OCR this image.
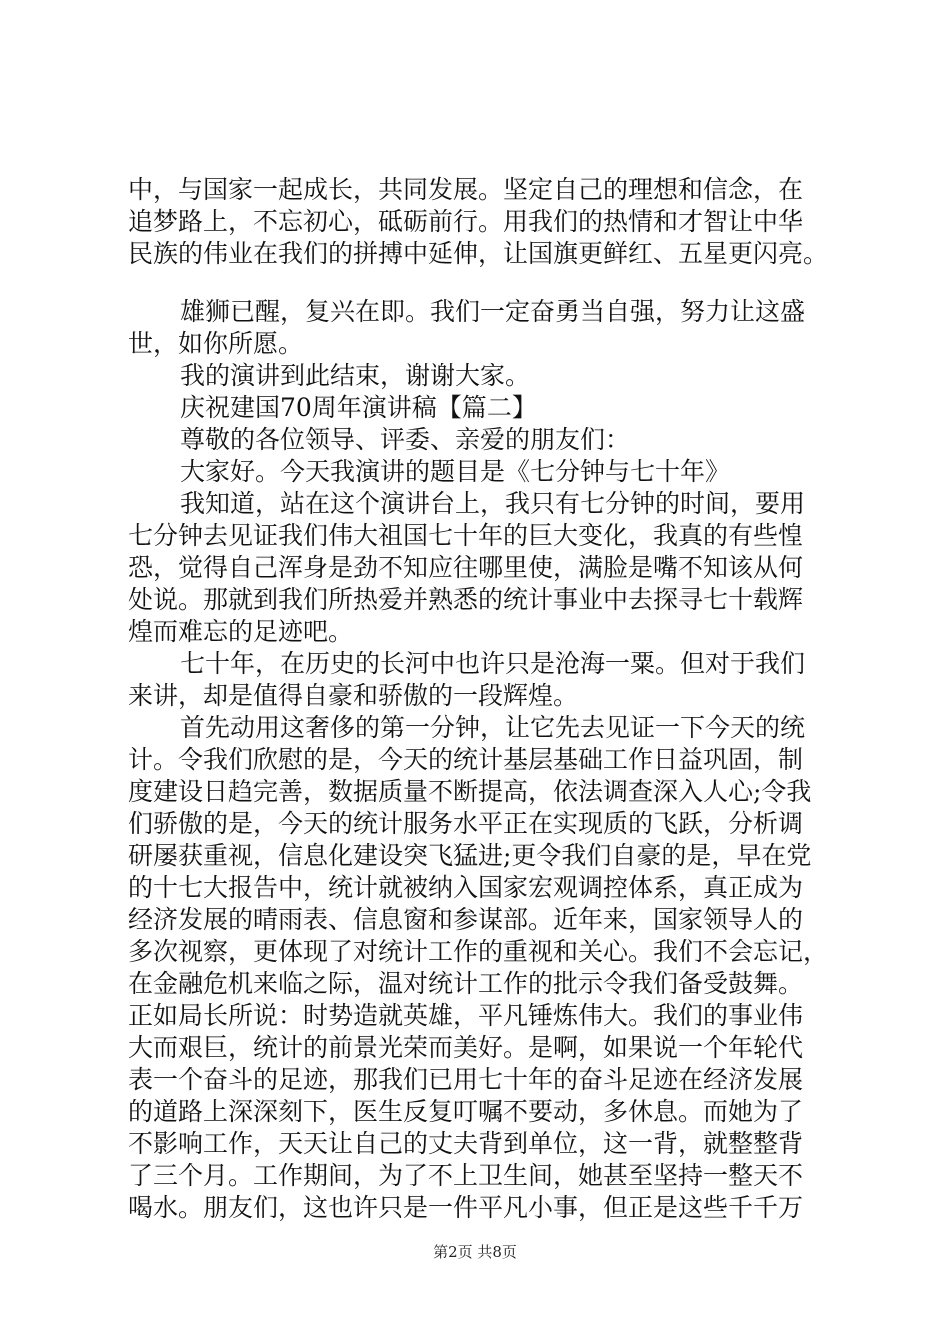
中，与国家一起成长，共同发展。坚定自己的理想和信念，在

追梦路上，不忘初心，砥砺前行。用我们的热情和才智让中华

民族的伟业在我们的拼搏中延伸，让国旗更鲜红、五星更闪亮。

雄狮已醒，复兴在即。我们一定奋勇当自强，努力让这盛

世，如你所愿。

我的演讲到此结束，谢谢大家。

庆祝建国70周年演讲稿【篇二】

尊敬的各位领导、评委、亲爱的朋友们：

大家好。今天我演讲的题目是《七分钟与七十年》

我知道，站在这个演讲台上，我只有七分钟的时间，要用

七分钟去见证我们伟大祖国七十年的巨大变化，我真的有些惶

恐，觉得自己浑身是劲不知应往哪里使，满脸是嘴不知该从何

处说。那就到我们所热爱并熟悉的统计事业中去探寻七十载辉

煌而难忘的足迹吧。

七十年，在历史的长河中也许只是沧海一粟。但对于我们

来讲，却是值得自豪和骄傲的一段辉煌。

首先动用这奢侈的第一分钟，让它先去见证一下今天的统

计。令我们欣慰的是，今天的统计基层基础工作日益巩固，制

度建设日趋完善，数据质量不断提高，依法调查深入人心;令我

们骄傲的是，今天的统计服务水平正在实现质的飞跃，分析调

研屡获重视，信息化建设突飞猛进;更令我们自豪的是，早在党

的十七大报告中，统计就被纳入国家宏观调控体系，真正成为

经济发展的晴雨表、信息窗和参谋部。近年来，国家领导人的

多次视察，更体现了对统计工作的重视和关心。我们不会忘记，

在金融危机来临之际，温对统计工作的批示令我们备受鼓舞。

正如局长所说：时势造就英雄，平凡锤炼伟大。我们的事业伟

大而艰巨，统计的前景光荣而美好。是啊，如果说一个年轮代

表一个奋斗的足迹，那我们已用七十年的奋斗足迹在经济发展

的道路上深深刻下，医生反复叮嘱不要动，多休息。而她为了

不影响工作，天天让自己的丈夫背到单位，这一背，就整整背

了三个月。工作期间，为了不上卫生间，她甚至坚持一整天不

喝水。朋友们，这也许只是一件平凡小事，但正是这些千千万

第2页 共8页
